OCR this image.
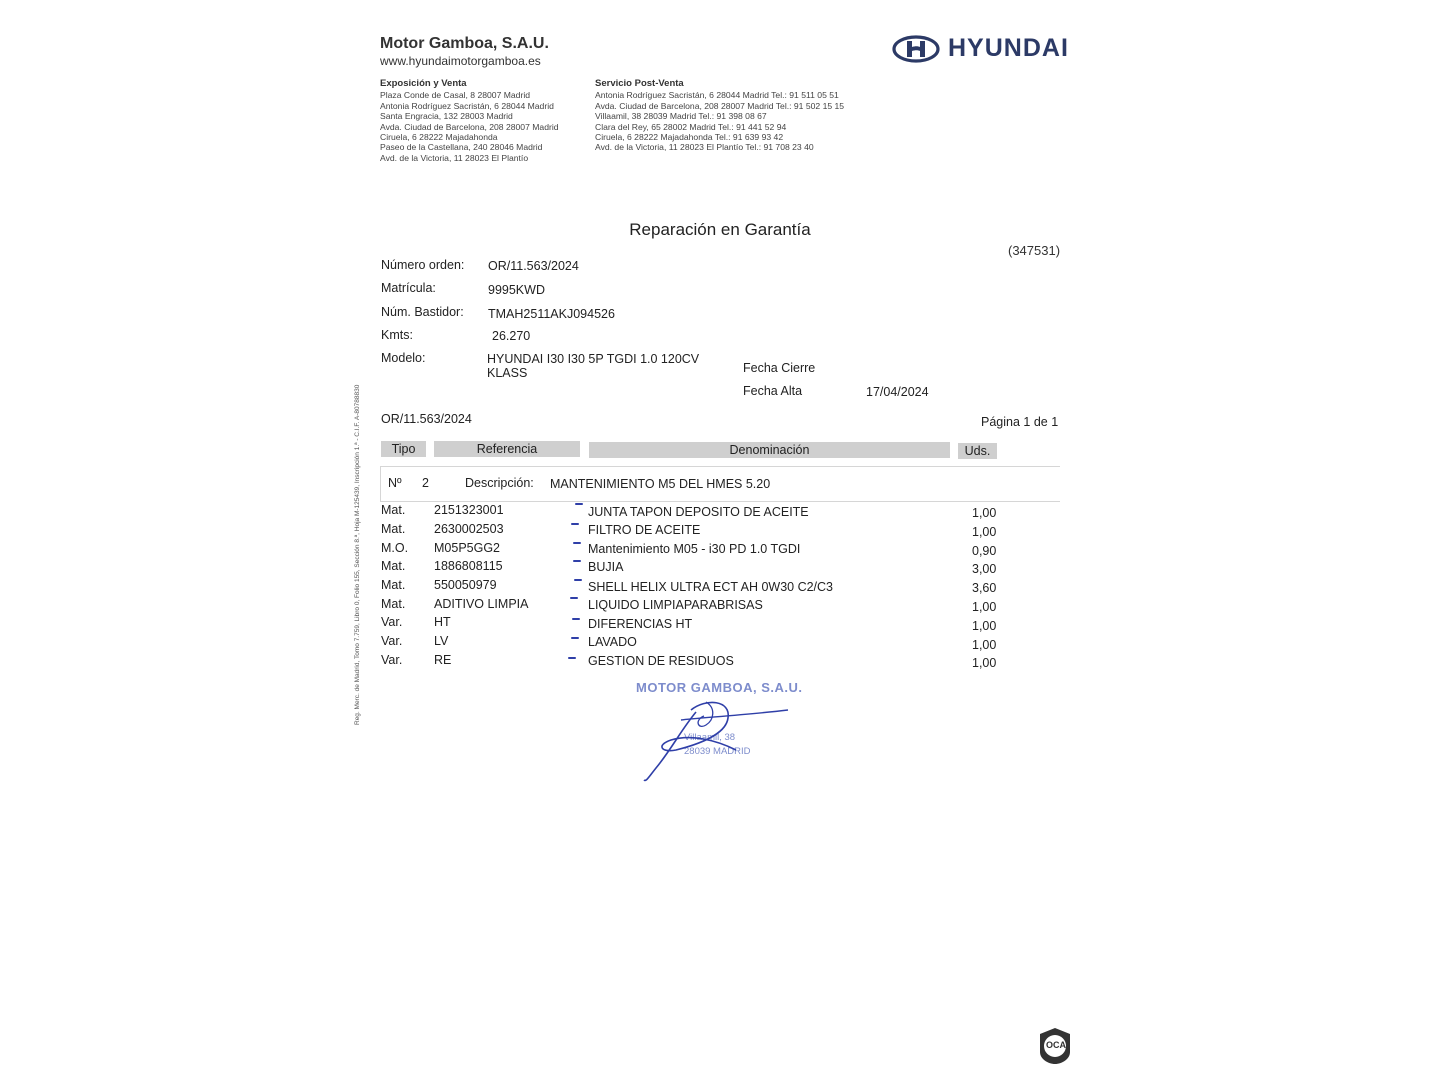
Motor Gamboa, S.A.U.
www.hyundaimotorgamboa.es	HYUNDAI
Exposición y Venta
Plaza Conde de Casal, 8 28007 Madrid
Antonia Rodríguez Sacristán, 6 28044 Madrid
Santa Engracia, 132 28003 Madrid
Avda. Ciudad de Barcelona, 208 28007 Madrid
Ciruela, 6 28222 Majadahonda
Paseo de la Castellana, 240 28046 Madrid
Avd. de la Victoria, 11 28023 El Plantío
Servicio Post-Venta
Antonia Rodríguez Sacristán, 6 28044 Madrid Tel.: 91 511 05 51
Avda. Ciudad de Barcelona, 208 28007 Madrid Tel.: 91 502 15 15
Villaamil, 38 28039 Madrid Tel.: 91 398 08 67
Clara del Rey, 65 28002 Madrid Tel.: 91 441 52 94
Ciruela, 6 28222 Majadahonda Tel.: 91 639 93 42
Avd. de la Victoria, 11 28023 El Plantío Tel.: 91 708 23 40
Reparación en Garantía
(347531)
Número orden: OR/11.563/2024
Matrícula:	9995KWD
Núm. Bastidor: TMAH2511AKJ094526
Kmts:	26.270
Modelo:	HYUNDAI I30 I30 5P TGDI 1.0 120CV
KLASS	Fecha Cierre
Fecha Alta	17/04/2024
OR/11.563/2024	Página 1 de 1
Reg. Merc. de Madrid, Tomo 7.759, Libro 0, Folio 155, Sección 8.ª, Hoja M-125439, Inscripción 1.ª - C.I.F. A-80788830	Tipo	Referencia	Denominación	Uds.
Nº 2	Descripción: MANTENIMIENTO M5 DEL HMES 5.20
Mat. 2151323001	JUNTA TAPON DEPOSITO DE ACEITE	1,00
Mat. 2630002503	FILTRO DE ACEITE	1,00
M.O. M05P5GG2	Mantenimiento M05 - i30 PD 1.0 TGDI	0,90
Mat. 1886808115	BUJIA	3,00
Mat. 550050979	SHELL HELIX ULTRA ECT AH 0W30 C2/C3	3,60
Mat. ADITIVO LIMPIA	LIQUIDO LIMPIAPARABRISAS	1,00
Var.	HT	DIFERENCIAS HT	1,00
Var.	LV	LAVADO	1,00
Var.	RE	GESTION DE RESIDUOS	1,00
MOTOR GAMBOA, S.A.U.
Villaamil, 38
28039 MADRID
OCA
